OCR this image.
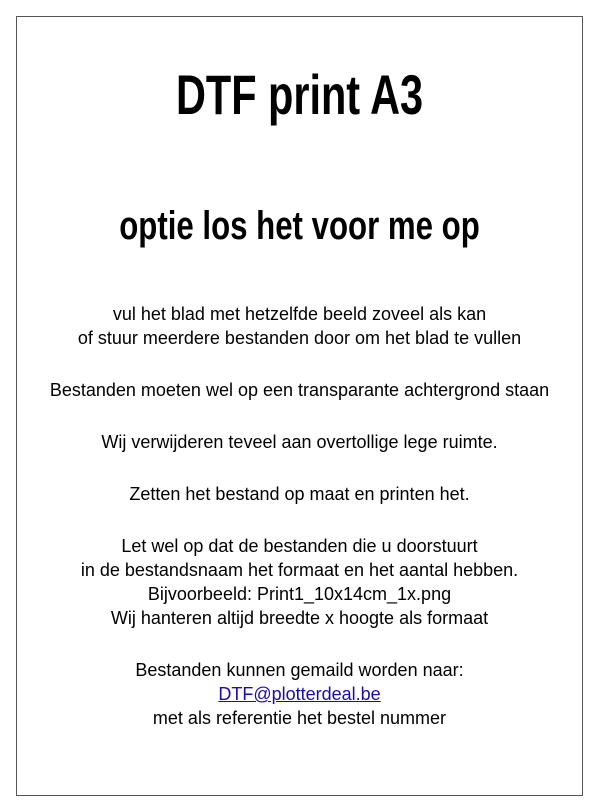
DTF print A3
optie los het voor me op
vul het blad met hetzelfde beeld zoveel als kan
of stuur meerdere bestanden door om het blad te vullen
Bestanden moeten wel op een transparante achtergrond staan
Wij verwijderen teveel aan overtollige lege ruimte.
Zetten het bestand op maat en printen het.
Let wel op dat de bestanden die u doorstuurt
in de bestandsnaam het formaat en het aantal hebben.
Bijvoorbeeld: Print1_10x14cm_1x.png
Wij hanteren altijd breedte x hoogte als formaat
Bestanden kunnen gemaild worden naar:
DTF@plotterdeal.be
met als referentie het bestel nummer
